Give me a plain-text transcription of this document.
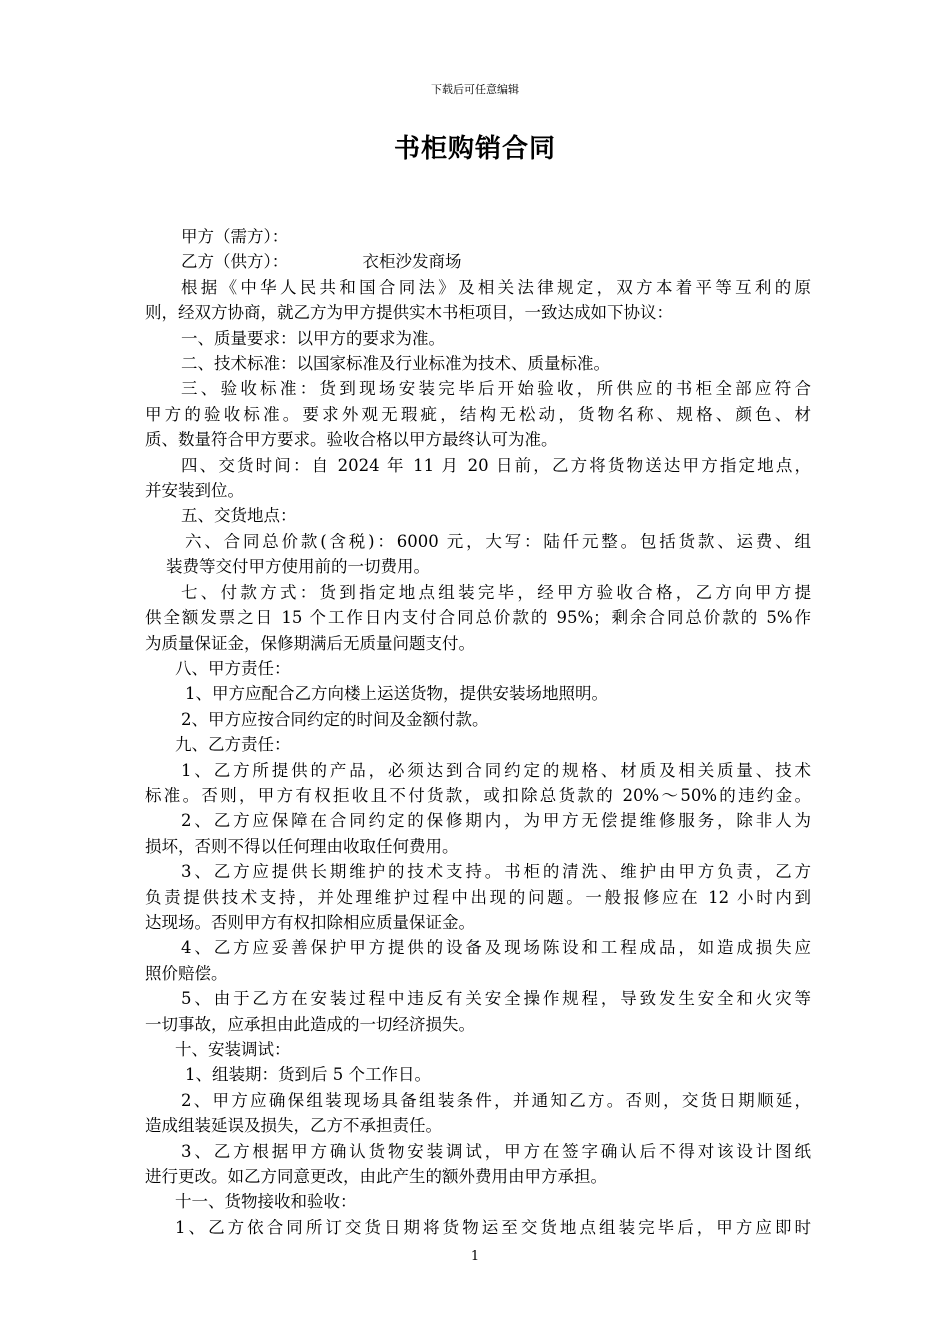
下载后可任意编辑
书柜购销合同
甲方（需方）：
乙方（供方）：　　　　　衣柜沙发商场
根据《中华人民共和国合同法》及相关法律规定，双方本着平等互利的原
则，经双方协商，就乙方为甲方提供实木书柜项目，一致达成如下协议：
一、质量要求：以甲方的要求为准。
二、技术标准：以国家标准及行业标准为技术、质量标准。
三、验收标准：货到现场安装完毕后开始验收，所供应的书柜全部应符合
甲方的验收标准。要求外观无瑕疵，结构无松动，货物名称、规格、颜色、材
质、数量符合甲方要求。验收合格以甲方最终认可为准。
四、交货时间：自 2024 年 11 月 20 日前，乙方将货物送达甲方指定地点，
并安装到位。
五、交货地点：
六、合同总价款(含税)：6000 元，大写：陆仟元整。包括货款、运费、组
装费等交付甲方使用前的一切费用。
七、付款方式：货到指定地点组装完毕，经甲方验收合格，乙方向甲方提
供全额发票之日 15 个工作日内支付合同总价款的 95%；剩余合同总价款的 5%作
为质量保证金，保修期满后无质量问题支付。
八、甲方责任：
1、甲方应配合乙方向楼上运送货物，提供安装场地照明。
2、甲方应按合同约定的时间及金额付款。
九、乙方责任：
1、乙方所提供的产品，必须达到合同约定的规格、材质及相关质量、技术
标准。否则，甲方有权拒收且不付货款，或扣除总货款的 20%～50%的违约金。
2、乙方应保障在合同约定的保修期内，为甲方无偿提维修服务，除非人为
损坏，否则不得以任何理由收取任何费用。
3、乙方应提供长期维护的技术支持。书柜的清洗、维护由甲方负责，乙方
负责提供技术支持，并处理维护过程中出现的问题。一般报修应在 12 小时内到
达现场。否则甲方有权扣除相应质量保证金。
4、乙方应妥善保护甲方提供的设备及现场陈设和工程成品，如造成损失应
照价赔偿。
5、由于乙方在安装过程中违反有关安全操作规程，导致发生安全和火灾等
一切事故，应承担由此造成的一切经济损失。
十、安装调试：
1、组装期：货到后 5 个工作日。
2、甲方应确保组装现场具备组装条件，并通知乙方。否则，交货日期顺延，
造成组装延误及损失，乙方不承担责任。
3、乙方根据甲方确认货物安装调试，甲方在签字确认后不得对该设计图纸
进行更改。如乙方同意更改，由此产生的额外费用由甲方承担。
十一、货物接收和验收：
1、乙方依合同所订交货日期将货物运至交货地点组装完毕后，甲方应即时
1
